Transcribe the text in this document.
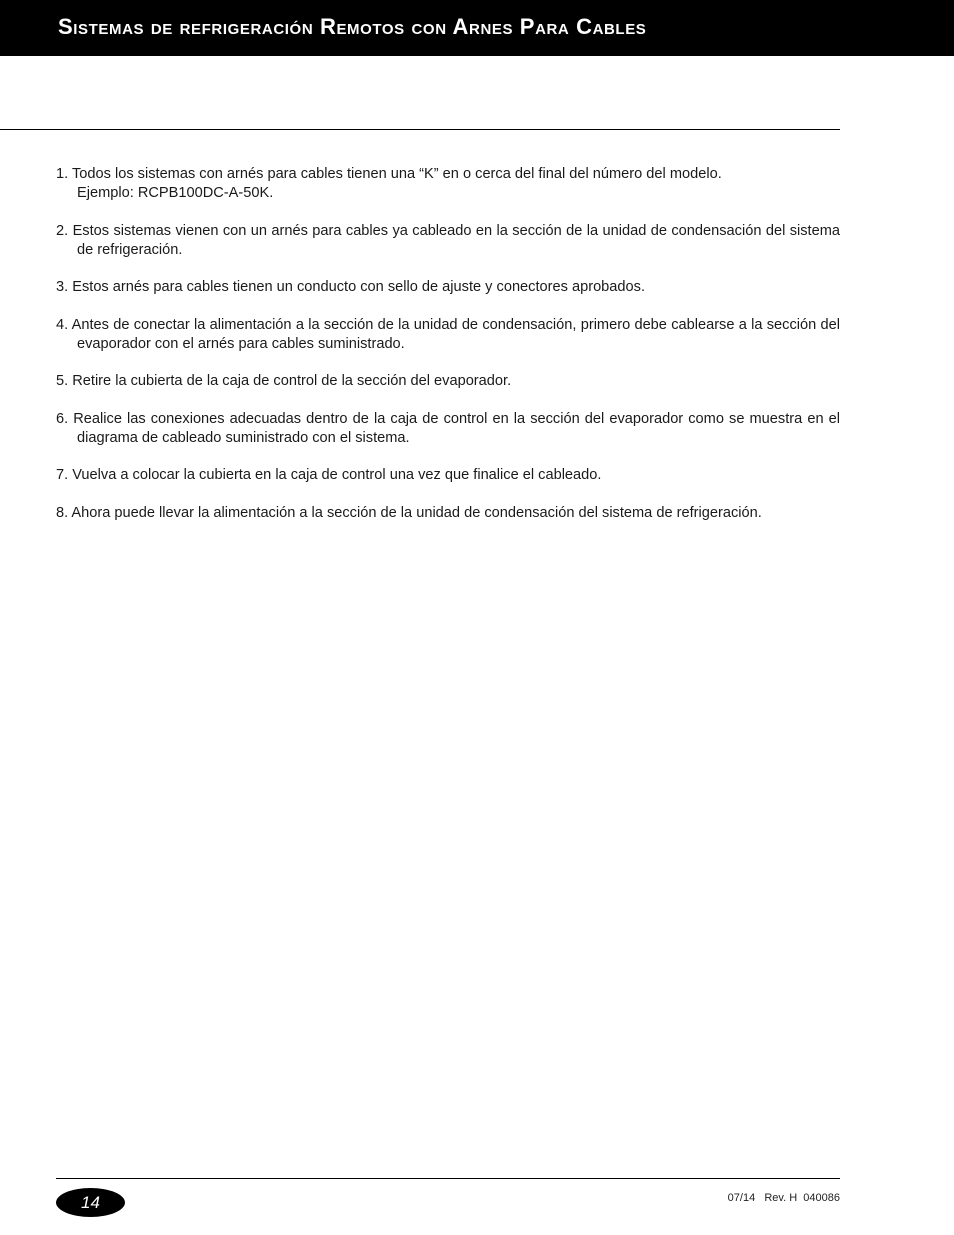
Sistemas de refrigeración Remotos con Arnes Para Cables
1. Todos los sistemas con arnés para cables tienen una “K” en o cerca del final del número del modelo.
Ejemplo: RCPB100DC-A-50K.
2. Estos sistemas vienen con un arnés para cables ya cableado en la sección de la unidad de condensación del sistema de refrigeración.
3. Estos arnés para cables tienen un conducto con sello de ajuste y conectores aprobados.
4. Antes de conectar la alimentación a la sección de la unidad de condensación, primero debe cablearse a la sección del evaporador con el arnés para cables suministrado.
5. Retire la cubierta de la caja de control de la sección del evaporador.
6. Realice las conexiones adecuadas dentro de la caja de control en la sección del evaporador como se muestra en el diagrama de cableado suministrado con el sistema.
7. Vuelva a colocar la cubierta en la caja de control una vez que finalice el cableado.
8. Ahora puede llevar la alimentación a la sección de la unidad de condensación del sistema de refrigeración.
14	07/14   Rev. H  040086
